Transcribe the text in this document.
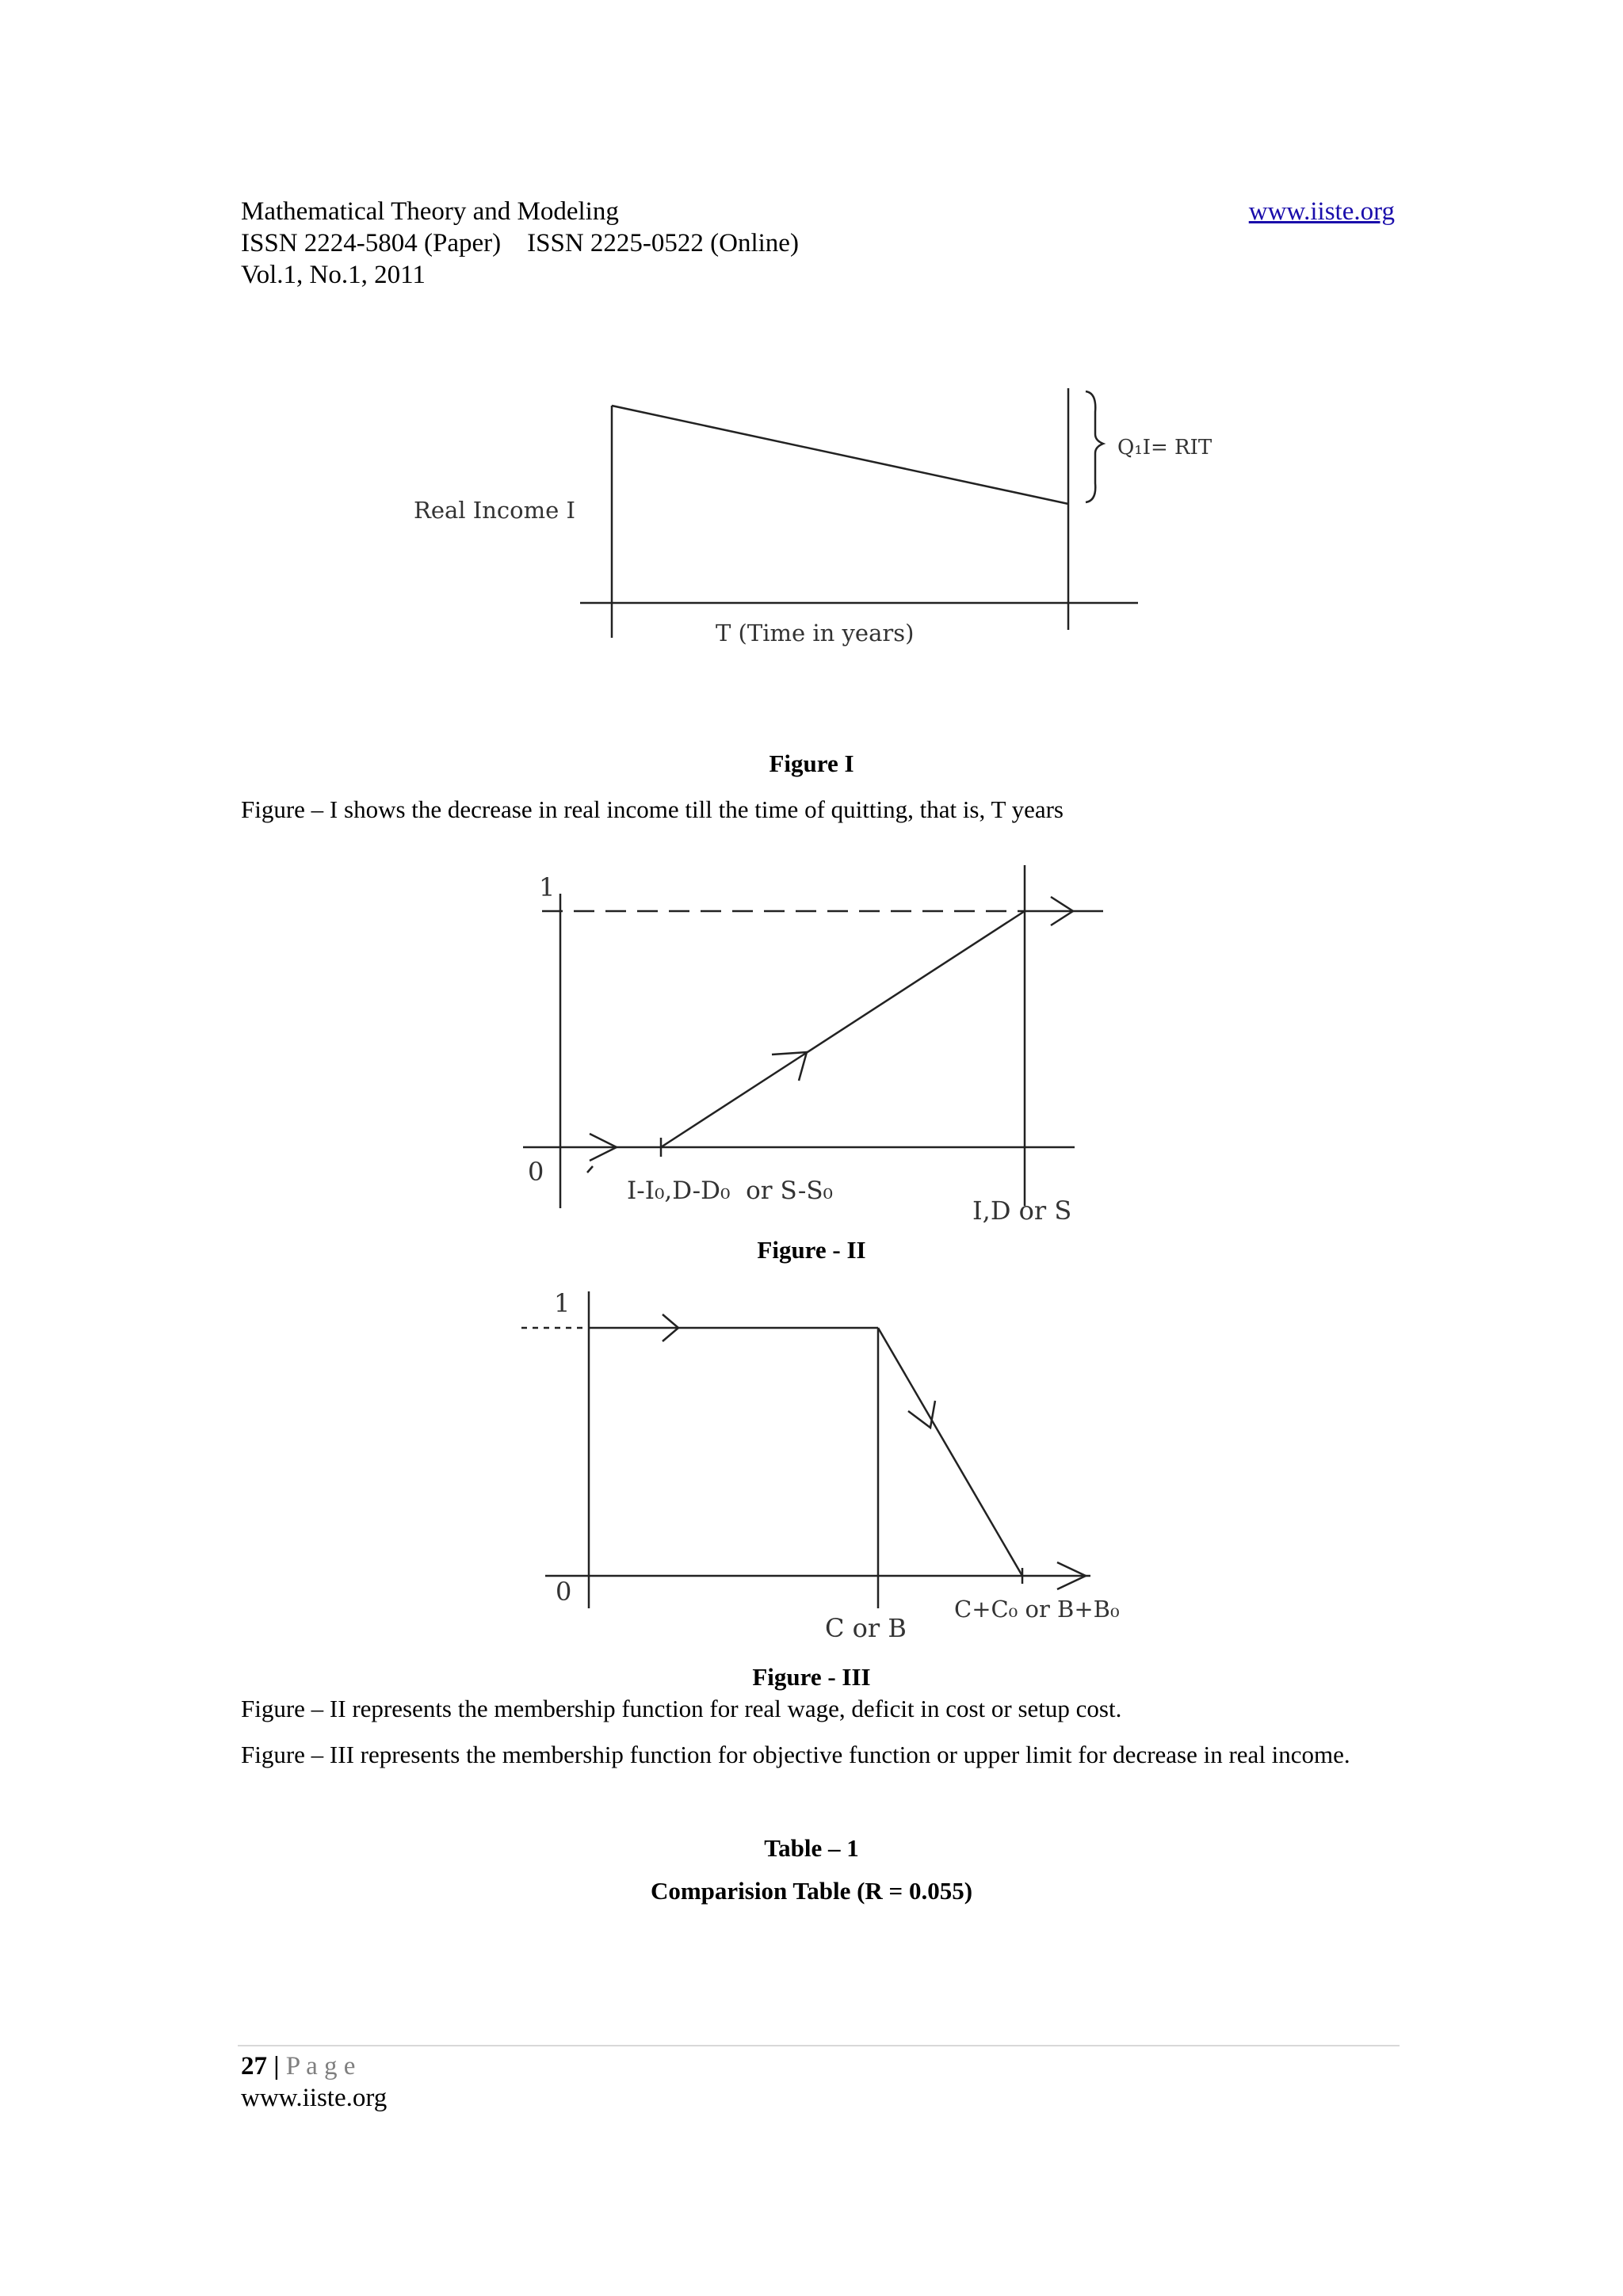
Mathematical Theory and Modeling	www.iiste.org
ISSN 2224-5804 (Paper)    ISSN 2225-0522 (Online)
Vol.1, No.1, 2011
Real Income I
T (Time in years)
Q₁I= RIT
Figure I
Figure – I shows the decrease in real income till the time of quitting, that is, T years
1
0
I-I₀,D-D₀  or S-S₀
I,D or S
Figure - II
1
0
C or B
C+C₀ or B+B₀
Figure - III
Figure – II represents the membership function for real wage, deficit in cost or setup cost.
Figure – III represents the membership function for objective function or upper limit for decrease in real income.
Table – 1
Comparision Table (R = 0.055)
27 | P a g e
www.iiste.org
